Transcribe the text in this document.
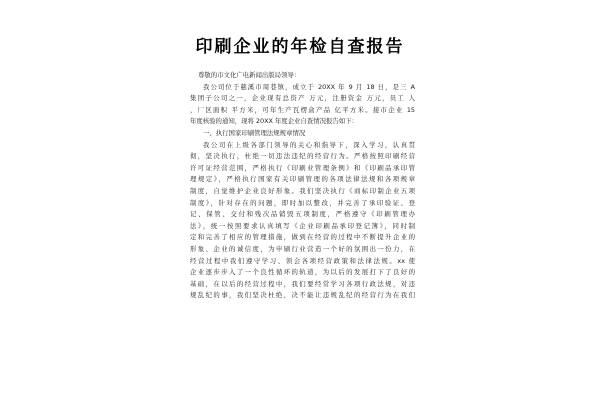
印刷企业的年检自查报告
尊敬的市文化广电新闻出版局领导：
我公司位于慈溪市周巷镇，成立于 20XX 年 9 月 18 日，是三 A
集团子公司之一，企业现有总资产 万元，注册资金 万元，员工 人
，厂区面积 平方米，可年生产瓦楞盒产品 亿平方米。接市企业 15
年度核验的通知，现将 20XX 年度企业自查情况报告如下：
一、执行国家印刷管理法规规章情况
我公司在上级各部门领导的关心和指导下，深入学习，认真贯
彻，坚决执行，杜绝一切违法违纪的经营行为。严格按照印刷经营
许可证经营范围，严格执行《印刷业管理条例》和《印刷品承印管
理规定》，严格执行国家有关印刷管理的各项法律法规和各项规章
制度，自觉维护企业良好形象。我们坚决执行《商标印制企业五项
制度》，针对存在的问题，即时加以整改，并完善了承印验证、登
记、保管、交付和残次品销毁五项制度，严格遵守《印刷管理办
法》，统一按照要求认真填写《企业印刷品承印登记簿》，同时制
定和完善了相应的管理措施，做到在经营的过程中不断提升企业的
形象、企业的诚信度，为申刷行业营造一个好的氛围出一份力，在
经营过程中我们遵守学习、领会各项经营政策和法律法规。xx 使
企业逐步步入了一个良性循环的轨道，为以后的发展打下了良好的
基础，在以后的经营过程中，我们要经常学习各项行政法规，对违
规乱纪的事，我们坚决杜绝，决不能让违规乱纪的经营行为在我们
